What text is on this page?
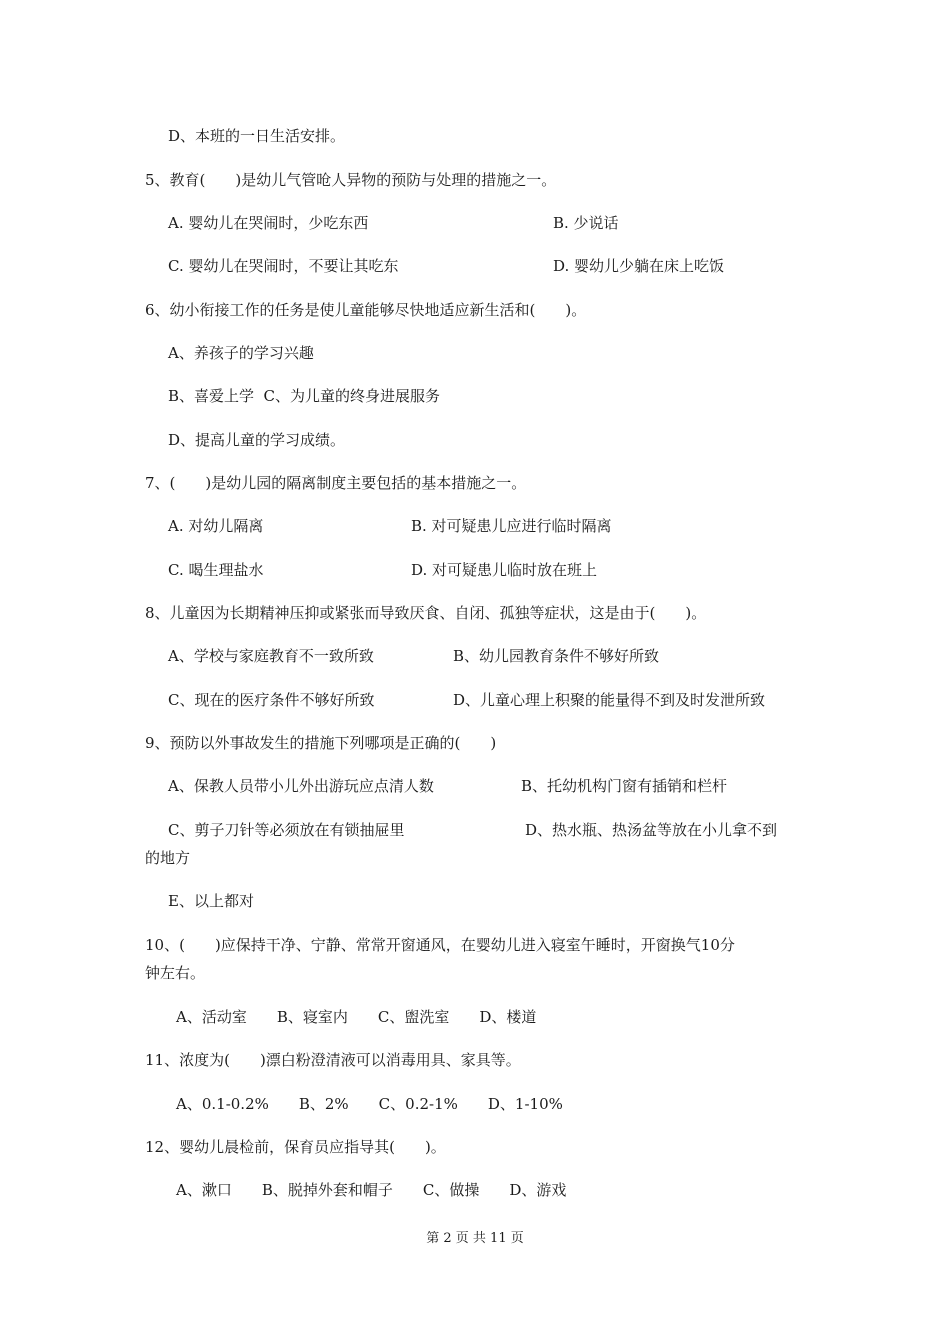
D、本班的一日生活安排。
5、教育(　　)是幼儿气管呛人异物的预防与处理的措施之一。
A. 婴幼儿在哭闹时，少吃东西	B. 少说话
C. 婴幼儿在哭闹时，不要让其吃东	D. 婴幼儿少躺在床上吃饭
6、幼小衔接工作的任务是使儿童能够尽快地适应新生活和(　　)。
A、养孩子的学习兴趣
B、喜爱上学  C、为儿童的终身进展服务
D、提高儿童的学习成绩。
7、(　　)是幼儿园的隔离制度主要包括的基本措施之一。
A. 对幼儿隔离	B. 对可疑患儿应进行临时隔离
C. 喝生理盐水	D. 对可疑患儿临时放在班上
8、儿童因为长期精神压抑或紧张而导致厌食、自闭、孤独等症状，这是由于(　　)。
A、学校与家庭教育不一致所致	B、幼儿园教育条件不够好所致
C、现在的医疗条件不够好所致	D、儿童心理上积聚的能量得不到及时发泄所致
9、预防以外事故发生的措施下列哪项是正确的(　　)
A、保教人员带小儿外出游玩应点清人数	B、托幼机构门窗有插销和栏杆
C、剪子刀针等必须放在有锁抽屉里	D、热水瓶、热汤盆等放在小儿拿不到
的地方
E、以上都对
10、(　　)应保持干净、宁静、常常开窗通风，在婴幼儿进入寝室午睡时，开窗换气10分
钟左右。
A、活动室　　B、寝室内　　C、盥洗室　　D、楼道
11、浓度为(　　)漂白粉澄清液可以消毒用具、家具等。
A、0.1-0.2%　　B、2%　　C、0.2-1%　　D、1-10%
12、婴幼儿晨检前，保育员应指导其(　　)。
A、漱口　　B、脱掉外套和帽子　　C、做操　　D、游戏
第 2 页 共 11 页
